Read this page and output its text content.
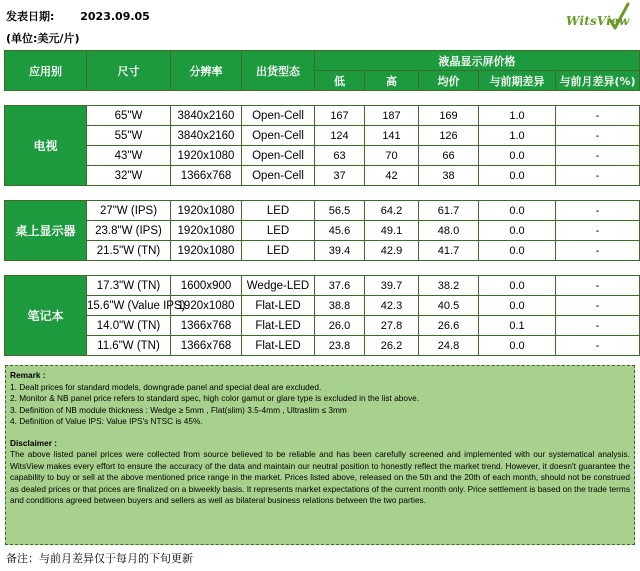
发表日期: 2023.09.05
(单位:美元/片)
WitsView
应用别	尺寸	分辨率	出货型态	液晶显示屏价格				
				低	高	均价	与前期差异	与前月差异(%)

电视	65"W	3840x2160	Open-Cell	167	187	169	1.0	-
	55"W	3840x2160	Open-Cell	124	141	126	1.0	-
	43"W	1920x1080	Open-Cell	63	70	66	0.0	-
	32"W	1366x768	Open-Cell	37	42	38	0.0	-

桌上显示器	27"W (IPS)	1920x1080	LED	56.5	64.2	61.7	0.0	-
	23.8"W (IPS)	1920x1080	LED	45.6	49.1	48.0	0.0	-
	21.5"W (TN)	1920x1080	LED	39.4	42.9	41.7	0.0	-

笔记本	17.3"W (TN)	1600x900	Wedge-LED	37.6	39.7	38.2	0.0	-
	15.6"W (Value IPS)	1920x1080	Flat-LED	38.8	42.3	40.5	0.0	-
	14.0"W (TN)	1366x768	Flat-LED	26.0	27.8	26.6	0.1	-
	11.6"W (TN)	1366x768	Flat-LED	23.8	26.2	24.8	0.0	-
Remark :
1. Dealt prices for standard models, downgrade panel and special deal are excluded.
2. Monitor & NB panel price refers to standard spec, high color gamut or glare type is excluded in the list above.
3. Definition of NB module thickness : Wedge ≥ 5mm , Flat(slim) 3.5-4mm , Ultraslim ≤ 3mm
4. Definition of Value IPS: Value IPS's NTSC is 45%.
Disclaimer :
The above listed panel prices were collected from source believed to be reliable and has been carefully screened and implemented with our systematical analysis. WitsView makes every effort to ensure the accuracy of the data and maintain our neutral position to honestly reflect the market trend. However, it doesn't guarantee the capability to buy or sell at the above mentioned price range in the market. Prices listed above, released on the 5th and the 20th of each month, should not be construed as dealed prices or that prices are finalized on a biweekly basis. It represents market expectations of the current month only. Price settlement is based on the trade terms and conditions agreed between buyers and sellers as well as bilateral business relations between the two parties.
备注：与前月差异仅于每月的下旬更新
